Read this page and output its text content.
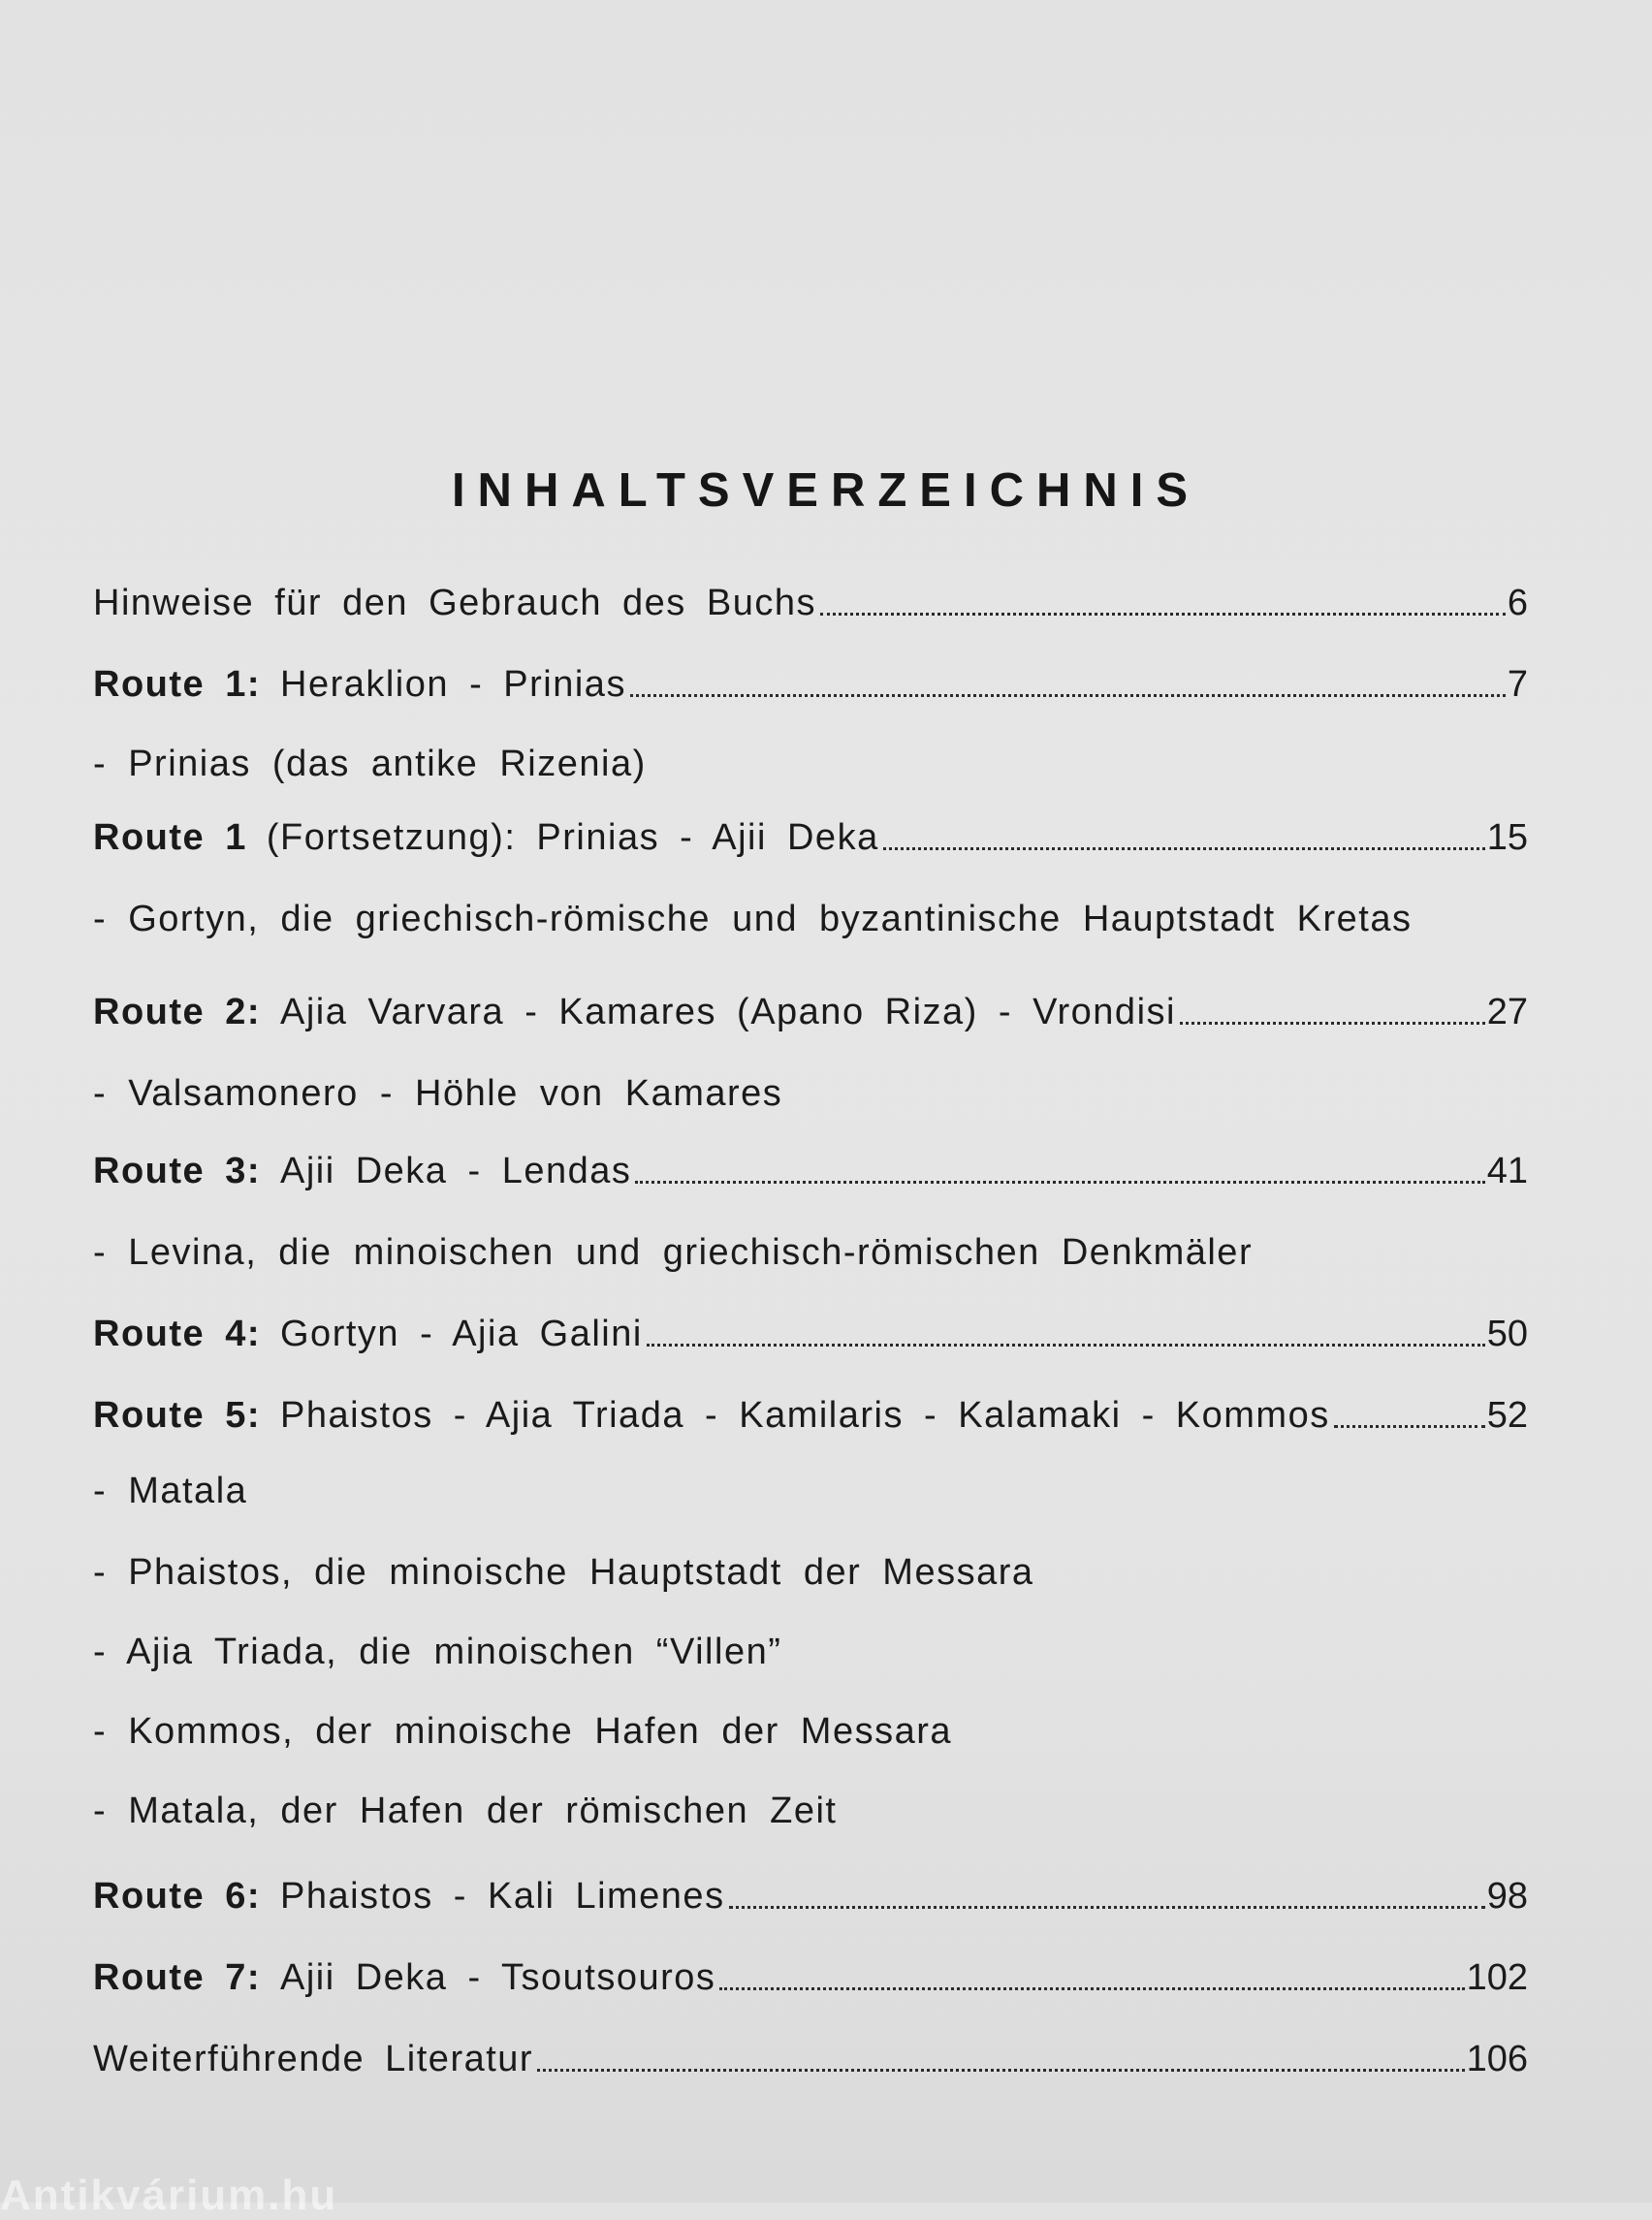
INHALTSVERZEICHNIS
Hinweise für den Gebrauch des Buchs	6
Route 1: Heraklion - Prinias	7
- Prinias (das antike Rizenia)
Route 1 (Fortsetzung): Prinias - Ajii Deka	15
- Gortyn, die griechisch-römische und byzantinische Hauptstadt Kretas
Route 2: Ajia Varvara - Kamares (Apano Riza) - Vrondisi	27
- Valsamonero - Höhle von Kamares
Route 3: Ajii Deka - Lendas	41
- Levina, die minoischen und griechisch-römischen Denkmäler
Route 4: Gortyn - Ajia Galini	50
Route 5: Phaistos - Ajia Triada - Kamilaris - Kalamaki - Kommos	52
- Matala
- Phaistos, die minoische Hauptstadt der Messara
- Ajia Triada, die minoischen “Villen”
- Kommos, der minoische Hafen der Messara
- Matala, der Hafen der römischen Zeit
Route 6: Phaistos - Kali Limenes	98
Route 7: Ajii Deka - Tsoutsouros	102
Weiterführende Literatur	106
Antikvárium.hu
